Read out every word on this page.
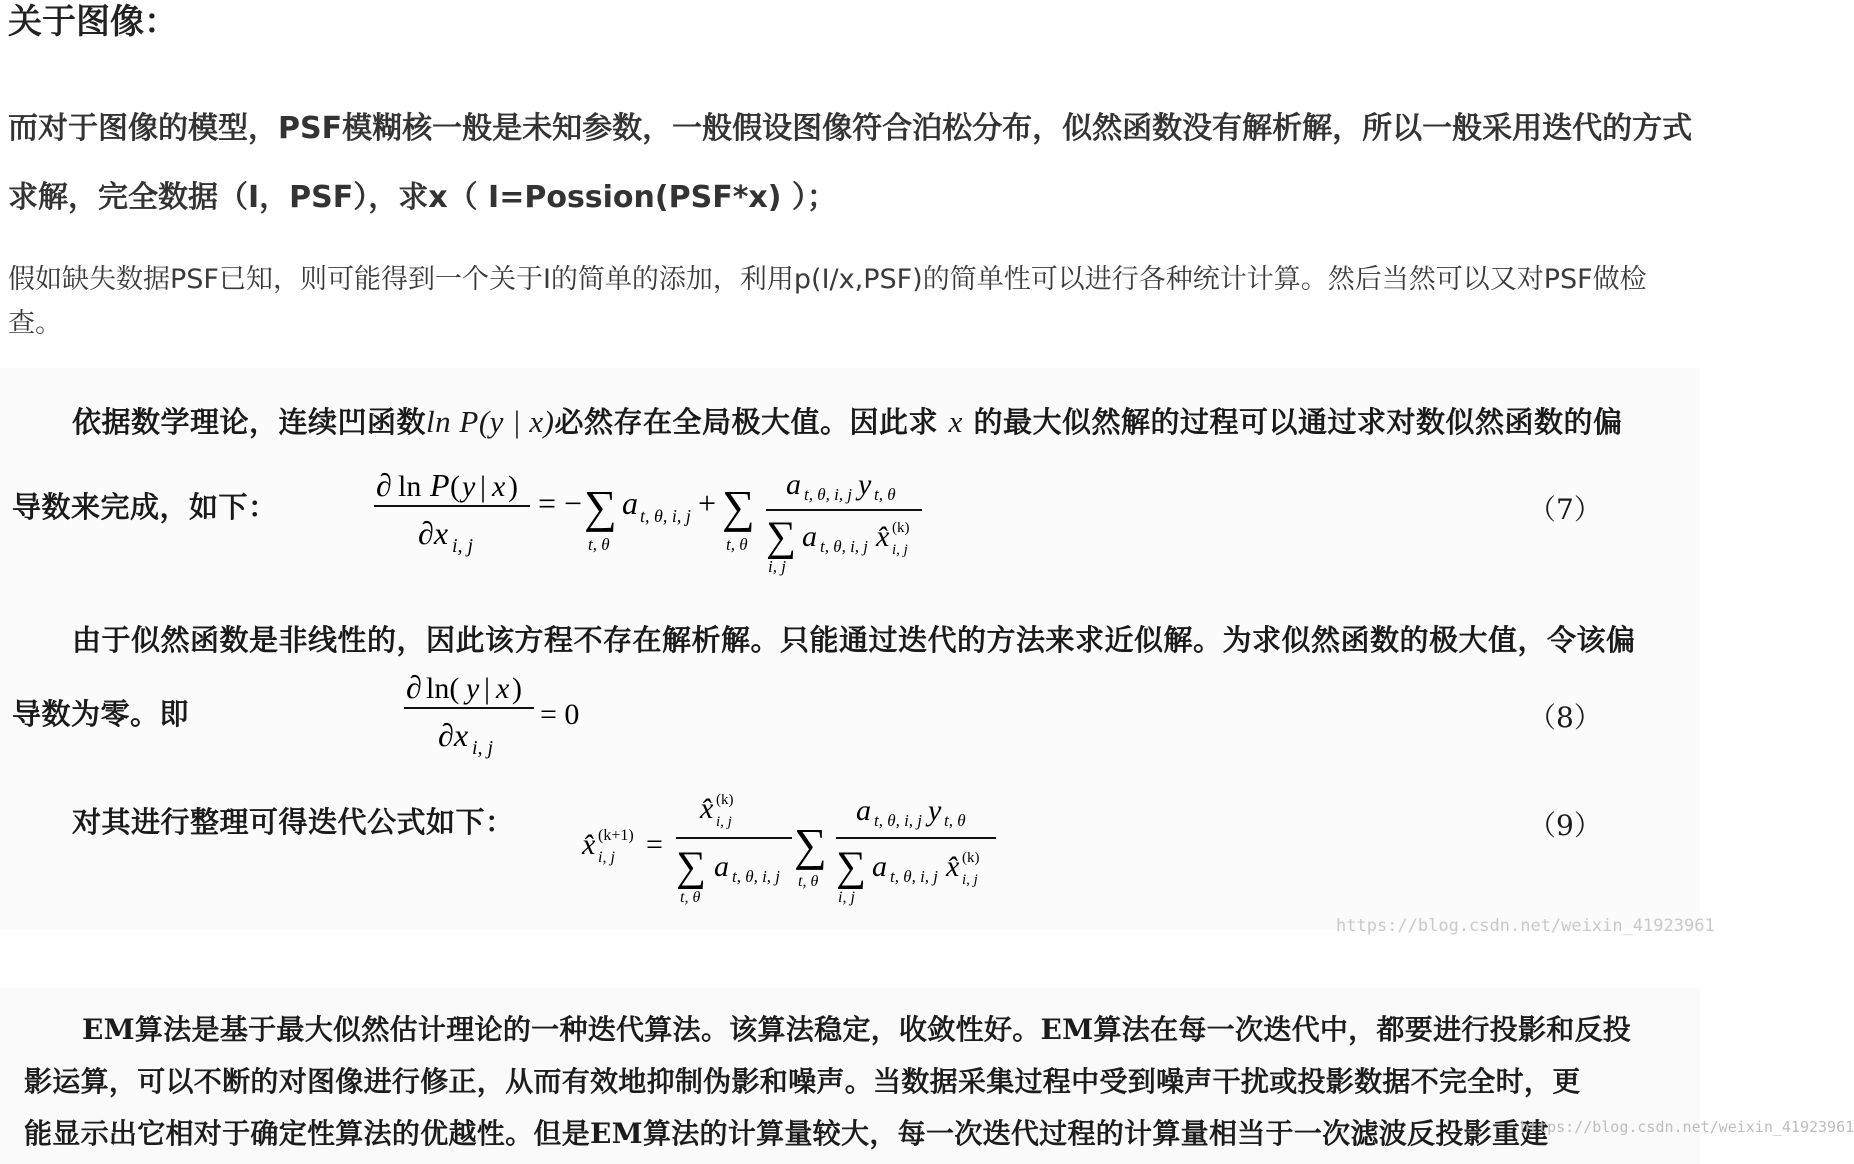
关于图像：
而对于图像的模型，PSF模糊核一般是未知参数，一般假设图像符合泊松分布，似然函数没有解析解，所以一般采用迭代的方式求解，完全数据（I，PSF），求x（ I=Possion(PSF*x) ）；
假如缺失数据PSF已知，则可能得到一个关于I的简单的添加，利用p(I/x,PSF)的简单性可以进行各种统计计算。然后当然可以又对PSF做检查。
依据数学理论，连续凹函数ln P(y | x)必然存在全局极大值。因此求 x 的最大似然解的过程可以通过求对数似然函数的偏
导数来完成，如下：
∂ ln P ( y | x )
∂x i, j
= − ∑
t, θ
a t, θ, i, j + ∑
t, θ
a t, θ, i, j y t, θ
∑
i, j
a t, θ, i, j x̂ (k)
i, j
（7）
由于似然函数是非线性的，因此该方程不存在解析解。只能通过迭代的方法来求近似解。为求似然函数的极大值，令该偏
导数为零。即
∂ ln( y | x )
∂x i, j
= 0	（8）
对其进行整理可得迭代公式如下：
x̂ (k+1)
i, j =
x̂ (k)
i, j
∑
t, θ
a t, θ, i, j
∑
t, θ
a t, θ, i, j y t, θ
∑
i, j
a t, θ, i, j x̂ (k)
i, j
（9）
https://blog.csdn.net/weixin_41923961
EM算法是基于最大似然估计理论的一种迭代算法。该算法稳定，收敛性好。EM算法在每一次迭代中，都要进行投影和反投
影运算，可以不断的对图像进行修正，从而有效地抑制伪影和噪声。当数据采集过程中受到噪声干扰或投影数据不完全时，更
能显示出它相对于确定性算法的优越性。但是EM算法的计算量较大，每一次迭代过程的计算量相当于一次滤波反投影重建
https://blog.csdn.net/weixin_41923961
